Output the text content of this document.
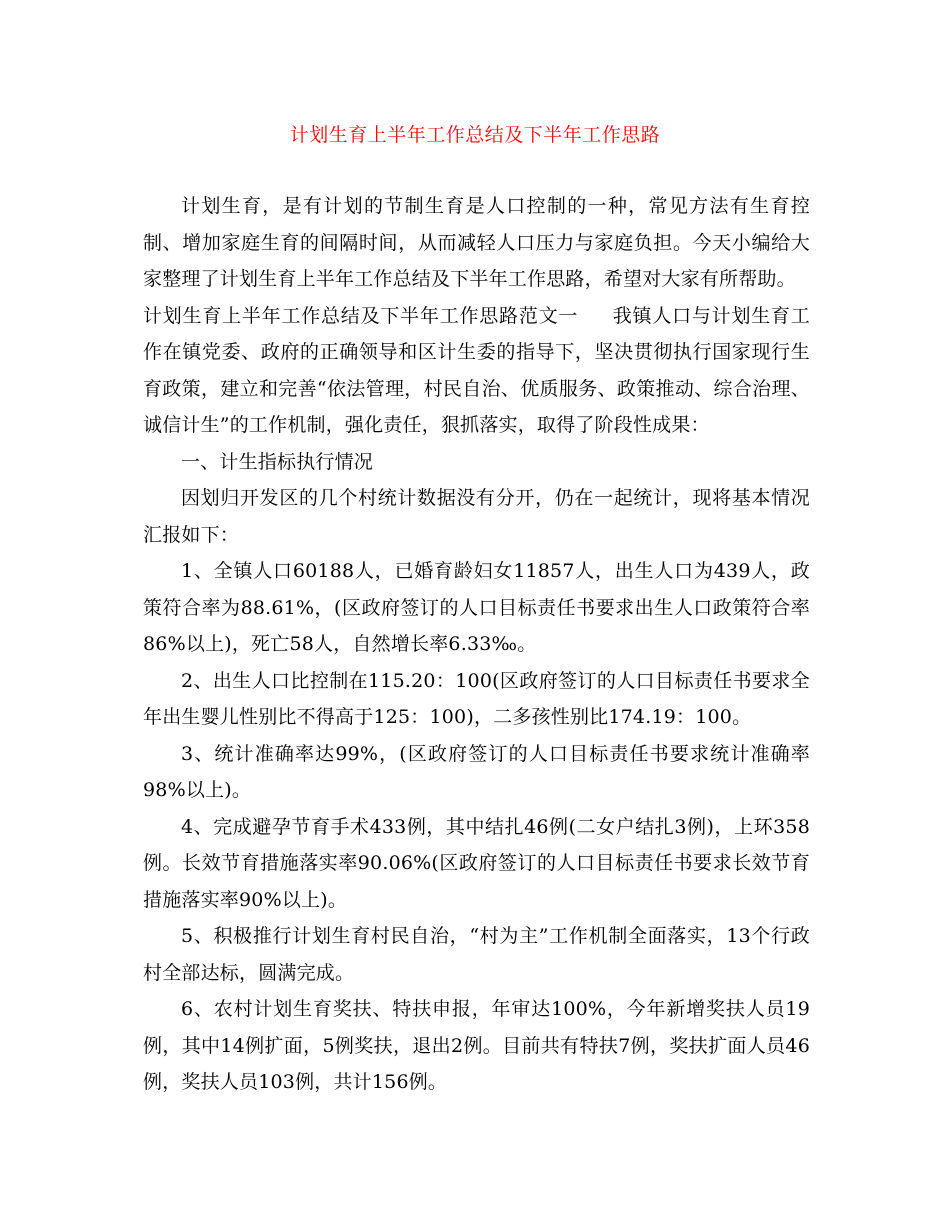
计划生育上半年工作总结及下半年工作思路

计划生育，是有计划的节制生育是人口控制的一种，常见方法有生育控制、增加家庭生育的间隔时间，从而减轻人口压力与家庭负担。今天小编给大家整理了计划生育上半年工作总结及下半年工作思路，希望对大家有所帮助。

计划生育上半年工作总结及下半年工作思路范文一 我镇人口与计划生育工作在镇党委、政府的正确领导和区计生委的指导下，坚决贯彻执行国家现行生育政策，建立和完善“依法管理，村民自治、优质服务、政策推动、综合治理、诚信计生”的工作机制，强化责任，狠抓落实，取得了阶段性成果：

一、计生指标执行情况

因划归开发区的几个村统计数据没有分开，仍在一起统计，现将基本情况汇报如下：

1、全镇人口60188人，已婚育龄妇女11857人，出生人口为439人，政策符合率为88.61%，(区政府签订的人口目标责任书要求出生人口政策符合率86%以上)，死亡58人，自然增长率6.33‰。

2、出生人口比控制在115.20：100(区政府签订的人口目标责任书要求全年出生婴儿性别比不得高于125：100)，二多孩性别比174.19：100。

3、统计准确率达99%，(区政府签订的人口目标责任书要求统计准确率98%以上)。

4、完成避孕节育手术433例，其中结扎46例(二女户结扎3例)，上环358例。长效节育措施落实率90.06%(区政府签订的人口目标责任书要求长效节育措施落实率90%以上)。

5、积极推行计划生育村民自治，“村为主”工作机制全面落实，13个行政村全部达标，圆满完成。

6、农村计划生育奖扶、特扶申报，年审达100%，今年新增奖扶人员19例，其中14例扩面，5例奖扶，退出2例。目前共有特扶7例，奖扶扩面人员46例，奖扶人员103例，共计156例。
